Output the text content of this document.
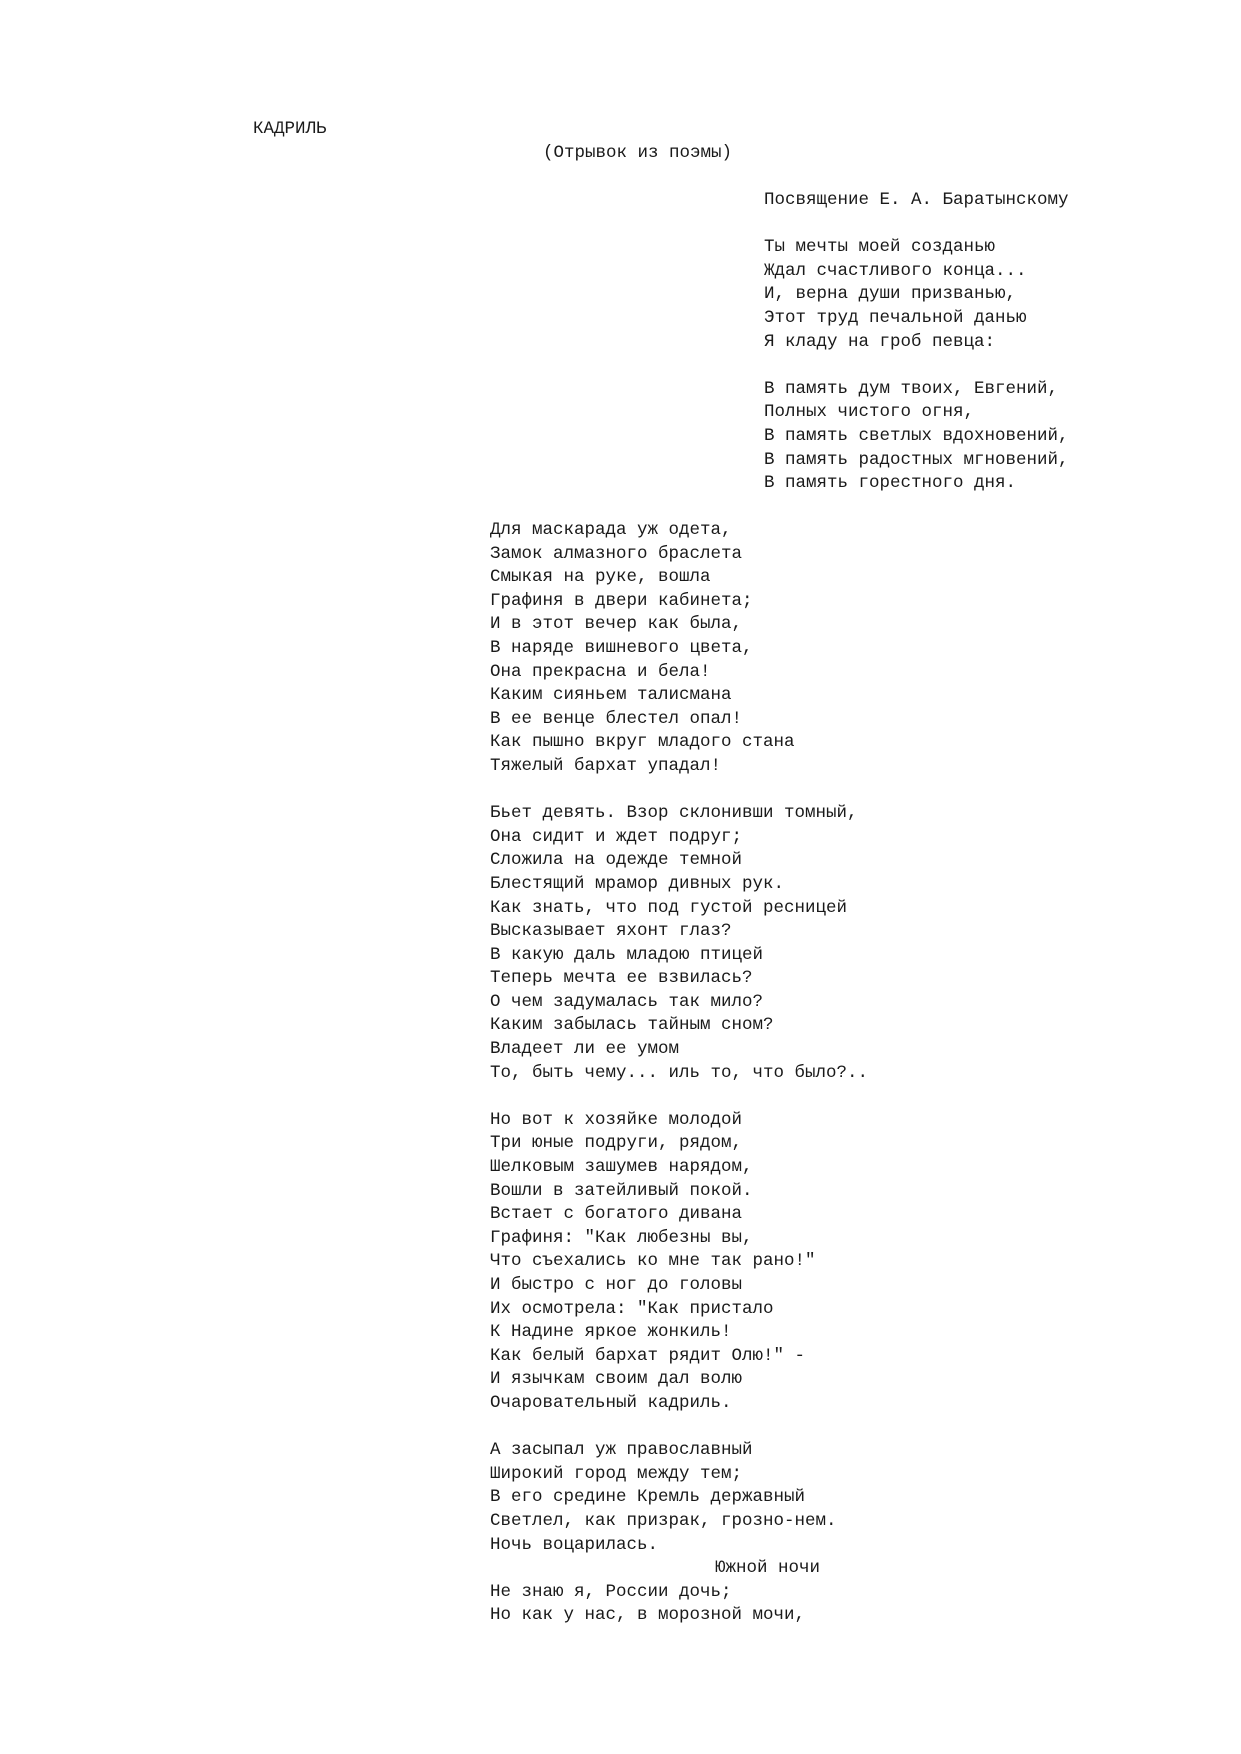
КАДРИЛЬ
(Отрывок из поэмы)
Посвящение Е. А. Баратынскому
Ты мечты моей созданью
Ждал счастливого конца...
И, верна души призванью,
Этот труд печальной данью
Я кладу на гроб певца:
В память дум твоих, Евгений,
Полных чистого огня,
В память светлых вдохновений,
В память радостных мгновений,
В память горестного дня.
Для маскарада уж одета,
Замок алмазного браслета
Смыкая на руке, вошла
Графиня в двери кабинета;
И в этот вечер как была,
В наряде вишневого цвета,
Она прекрасна и бела!
Каким сияньем талисмана
В ее венце блестел опал!
Как пышно вкруг младого стана
Тяжелый бархат упадал!
Бьет девять. Взор склонивши томный,
Она сидит и ждет подруг;
Сложила на одежде темной
Блестящий мрамор дивных рук.
Как знать, что под густой ресницей
Высказывает яхонт глаз?
В какую даль младою птицей
Теперь мечта ее взвилась?
О чем задумалась так мило?
Каким забылась тайным сном?
Владеет ли ее умом
То, быть чему... иль то, что было?..
Но вот к хозяйке молодой
Три юные подруги, рядом,
Шелковым зашумев нарядом,
Вошли в затейливый покой.
Встает с богатого дивана
Графиня: "Как любезны вы,
Что съехались ко мне так рано!"
И быстро с ног до головы
Их осмотрела: "Как пристало
К Надине яркое жонкиль!
Как белый бархат рядит Олю!" -
И язычкам своим дал волю
Очаровательный кадриль.
А засыпал уж православный
Широкий город между тем;
В его средине Кремль державный
Светлел, как призрак, грозно-нем.
Ночь воцарилась.
Южной ночи
Не знаю я, России дочь;
Но как у нас, в морозной мочи,
